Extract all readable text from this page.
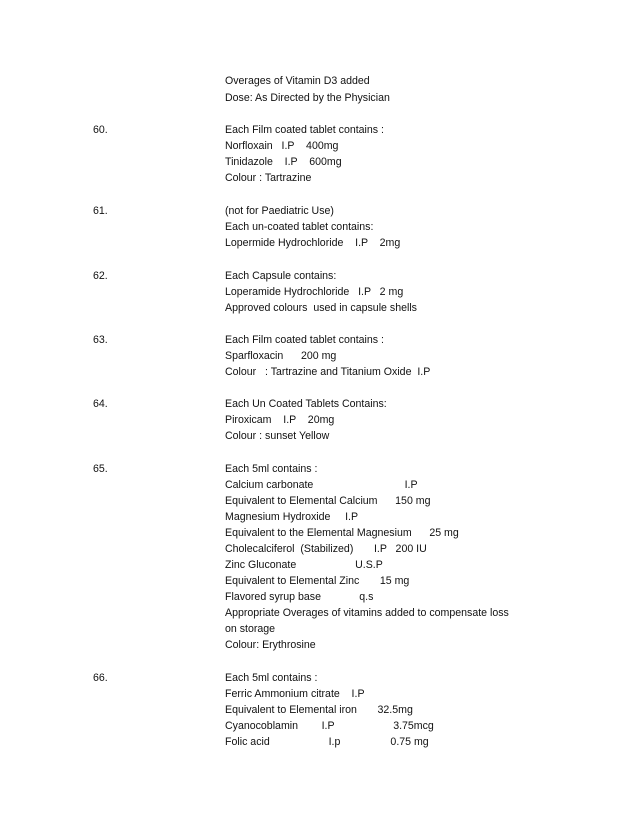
Overages of Vitamin D3 added
Dose: As Directed by the Physician
60.	Each Film coated tablet contains :
Norfloxain   I.P    400mg
Tinidazole    I.P    600mg
Colour : Tartrazine
61.	(not for Paediatric Use)
Each un-coated tablet contains:
Lopermide Hydrochloride    I.P    2mg
62.	Each Capsule contains:
Loperamide Hydrochloride   I.P   2 mg
Approved colours  used in capsule shells
63.	Each Film coated tablet contains :
Sparfloxacin      200 mg
Colour   : Tartrazine and Titanium Oxide  I.P
64.	Each Un Coated Tablets Contains:
Piroxicam    I.P    20mg
Colour : sunset Yellow
65.	Each 5ml contains :
Calcium carbonate                               I.P
Equivalent to Elemental Calcium      150 mg
Magnesium Hydroxide     I.P
Equivalent to the Elemental Magnesium      25 mg
Cholecalciferol  (Stabilized)       I.P   200 IU
Zinc Gluconate                    U.S.P
Equivalent to Elemental Zinc       15 mg
Flavored syrup base             q.s
Appropriate Overages of vitamins added to compensate loss
on storage
Colour: Erythrosine
66.	Each 5ml contains :
Ferric Ammonium citrate    I.P
Equivalent to Elemental iron       32.5mg
Cyanocoblamin        I.P                    3.75mcg
Folic acid                    I.p                 0.75 mg
